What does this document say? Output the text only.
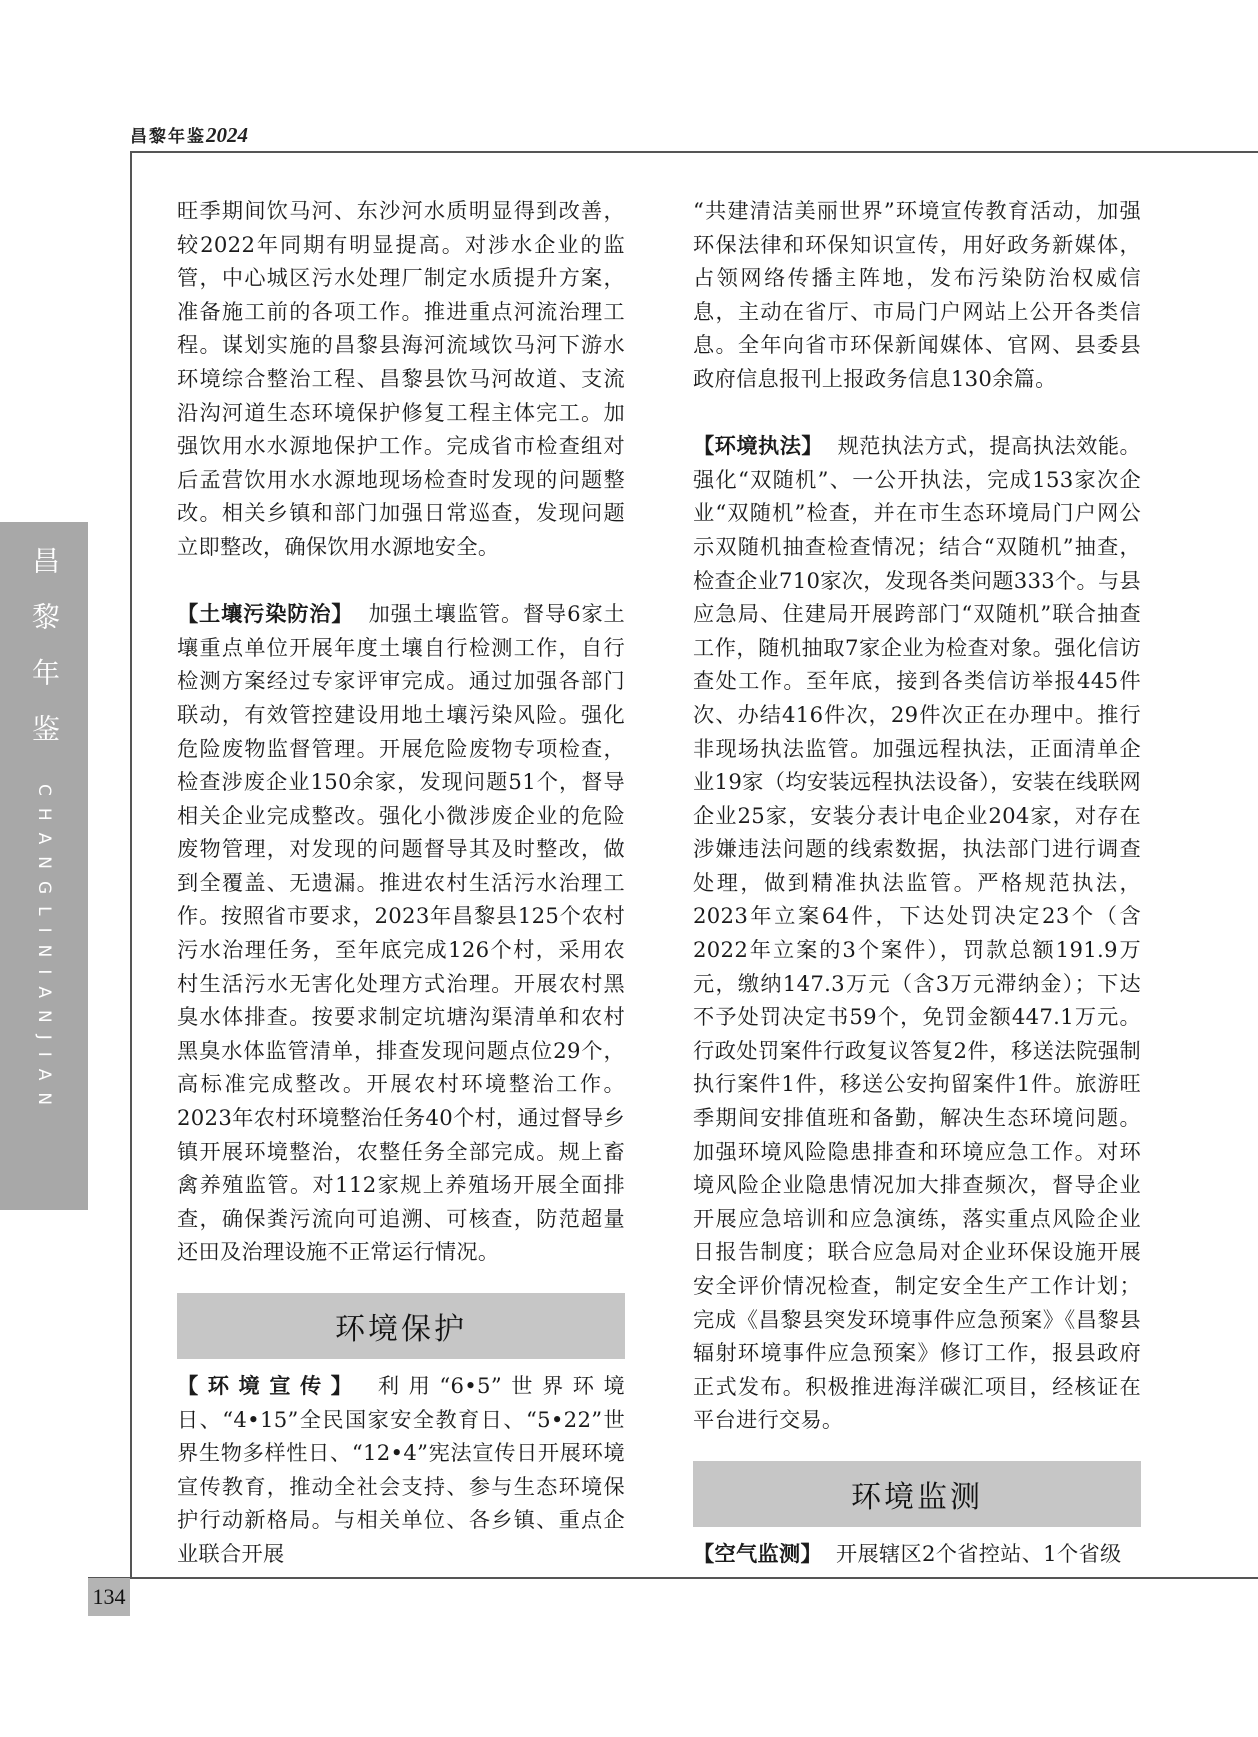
昌黎年鉴2024
昌黎年鉴
CHANGLINIANJIAN
134

旺季期间饮马河、东沙河水质明显得到改善，较2022年同期有明显提高。对涉水企业的监管，中心城区污水处理厂制定水质提升方案，准备施工前的各项工作。推进重点河流治理工程。谋划实施的昌黎县海河流域饮马河下游水环境综合整治工程、昌黎县饮马河故道、支流沿沟河道生态环境保护修复工程主体完工。加强饮用水水源地保护工作。完成省市检查组对后孟营饮用水水源地现场检查时发现的问题整改。相关乡镇和部门加强日常巡查，发现问题立即整改，确保饮用水源地安全。

【土壤污染防治】 加强土壤监管。督导6家土壤重点单位开展年度土壤自行检测工作，自行检测方案经过专家评审完成。通过加强各部门联动，有效管控建设用地土壤污染风险。强化危险废物监督管理。开展危险废物专项检查，检查涉废企业150余家，发现问题51个，督导相关企业完成整改。强化小微涉废企业的危险废物管理，对发现的问题督导其及时整改，做到全覆盖、无遗漏。推进农村生活污水治理工作。按照省市要求，2023年昌黎县125个农村污水治理任务，至年底完成126个村，采用农村生活污水无害化处理方式治理。开展农村黑臭水体排查。按要求制定坑塘沟渠清单和农村黑臭水体监管清单，排查发现问题点位29个，高标准完成整改。开展农村环境整治工作。2023年农村环境整治任务40个村，通过督导乡镇开展环境整治，农整任务全部完成。规上畜禽养殖监管。对112家规上养殖场开展全面排查，确保粪污流向可追溯、可核查，防范超量还田及治理设施不正常运行情况。

环境保护

【环境宣传】 利用“6•5”世界环境日、“4•15”全民国家安全教育日、“5•22”世界生物多样性日、“12•4”宪法宣传日开展环境宣传教育，推动全社会支持、参与生态环境保护行动新格局。与相关单位、各乡镇、重点企业联合开展

“共建清洁美丽世界”环境宣传教育活动，加强环保法律和环保知识宣传，用好政务新媒体，占领网络传播主阵地，发布污染防治权威信息，主动在省厅、市局门户网站上公开各类信息。全年向省市环保新闻媒体、官网、县委县政府信息报刊上报政务信息130余篇。

【环境执法】 规范执法方式，提高执法效能。强化“双随机”、一公开执法，完成153家次企业“双随机”检查，并在市生态环境局门户网公示双随机抽查检查情况；结合“双随机”抽查，检查企业710家次，发现各类问题333个。与县应急局、住建局开展跨部门“双随机”联合抽查工作，随机抽取7家企业为检查对象。强化信访查处工作。至年底，接到各类信访举报445件次、办结416件次，29件次正在办理中。推行非现场执法监管。加强远程执法，正面清单企业19家（均安装远程执法设备），安装在线联网企业25家，安装分表计电企业204家，对存在涉嫌违法问题的线索数据，执法部门进行调查处理，做到精准执法监管。严格规范执法，2023年立案64件，下达处罚决定23个（含2022年立案的3个案件），罚款总额191.9万元，缴纳147.3万元（含3万元滞纳金）；下达不予处罚决定书59个，免罚金额447.1万元。行政处罚案件行政复议答复2件，移送法院强制执行案件1件，移送公安拘留案件1件。旅游旺季期间安排值班和备勤，解决生态环境问题。加强环境风险隐患排查和环境应急工作。对环境风险企业隐患情况加大排查频次，督导企业开展应急培训和应急演练，落实重点风险企业日报告制度；联合应急局对企业环保设施开展安全评价情况检查，制定安全生产工作计划；完成《昌黎县突发环境事件应急预案》《昌黎县辐射环境事件应急预案》修订工作，报县政府正式发布。积极推进海洋碳汇项目，经核证在平台进行交易。

环境监测

【空气监测】 开展辖区2个省控站、1个省级
